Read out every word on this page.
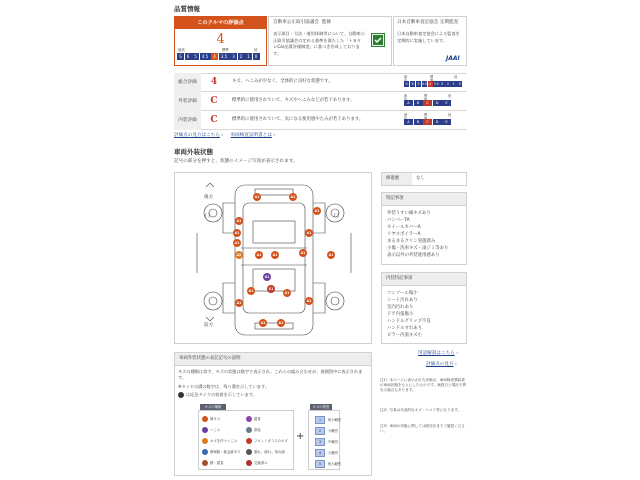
品質情報
このクルマの評価点
4
最高	標準	低
S	6	5	4.5	4	3.5	3	2	1	0
自動車公正取引協議会 監修
表示項目・方法・運用体制等について、自動車公正取引協議会の定める基準を満たした「トヨタレCar品質評価制度」に基づき作成しております。
日本自動車査定協会 定期監査
日本自動車査定協会による監査を定期的に実施しています。
JAAI
総合評価	4	キズ、へこみが少なく、全体的に良好な状態です。
外装評価	C	標準的に使用されていて、キズやへこみなどが若干あります。
内装評価	C	標準的に使用されていて、気になる使用感やたみが若干あります。
最	標	低
S	6	5 4.5 4 3.5 3	2	1	0
最	標	低
A	B	C	D	E
最	標	低
A	B	C	D	E
評価点の見方はこちら ›     車両検査証明書とは ›
車両外装状態
記号の部分を押すと、状態のイメージ写真が表示されます。
後方
前方
[ ]	[ ]
A1	A1
A1
A1
A1
A1
A1
A2	A1	A1	A1	A1
U1
A1	X1
A1
A1	A1
A1	A1
修復歴	なし
特記事項
外装うすい線キズあり
バンパーTA
ホイールカバーA
リヤスポイラーA
まるまるクリン実施済み
小傷・洗車キズ・雨ジミ等あり
表示以外の外装使用感あり
内装特記事項
コンソール傷小
シート汚れあり
室内汚れあり
ドア内張傷小
ハンドルグリップ不良
ハンドルすれあり
ピラー内張キズ小
用語解説はこちら ›
評価点の見方 ›
車両外装状態の表記記号の説明
キズの種類は英字、キズの状態は数字で表示され、これらの組み合わせが、展開図中に表示されます。
※タイヤの溝の数字は、残り溝を示しています。
は応急タイヤの装着を示しています。
キズの種類	キズの程度
+
線キズ
へこみ
キズを伴うへこみ
修理跡・鈑金跡あり
錆・腐食
腐食
塗装
フロントガラスのキズ
割れ、破れ、取れ跡
交換済み
1	極小範囲
2	小範囲
3	中範囲
4	大範囲
5	極大範囲
注1）本ページに表示された評価点、車両検査票結果の車両状態をもとにしたものです。検査日と現況で異なる場合もあります。
注2）写真は代表的なキズ・ヘコミ等になります。
注3）車両の状態に関しては販売店までご確認ください。
